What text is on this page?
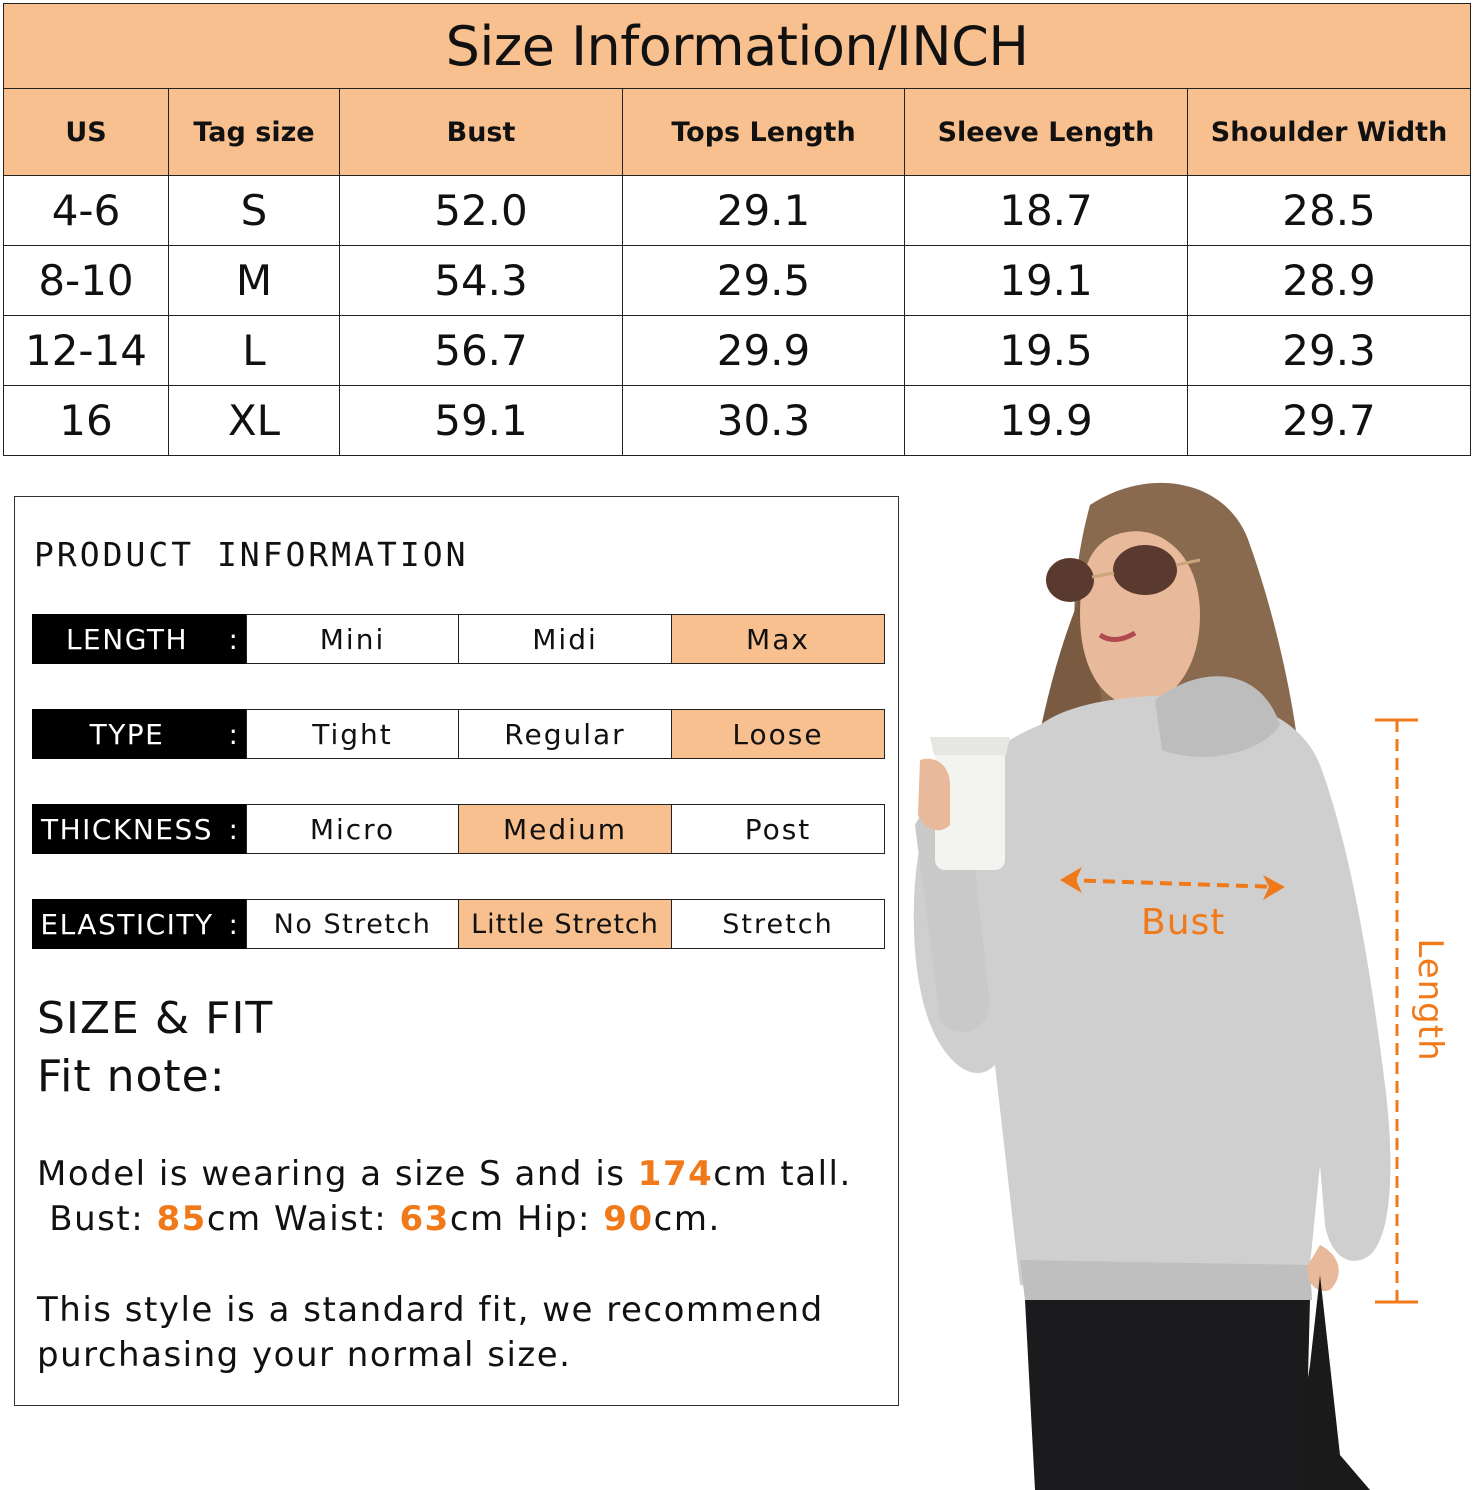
Size Information/INCH					
US	Tag size	Bust	Tops Length	Sleeve Length	Shoulder Width
4-6	S	52.0	29.1	18.7	28.5
8-10	M	54.3	29.5	19.1	28.9
12-14	L	56.7	29.9	19.5	29.3
16	XL	59.1	30.3	19.9	29.7
PRODUCT INFORMATION
LENGTH	:	Mini	Midi	Max
TYPE	:	Tight	Regular	Loose
THICKNESS :	Micro	Medium	Post
ELASTICITY :	No Stretch	Little Stretch	Stretch
SIZE & FIT
Fit note:
Model is wearing a size S and is 174cm tall.
Bust: 85cm Waist: 63cm Hip: 90cm.
This style is a standard fit, we recommend
purchasing your normal size.
Bust
Length
